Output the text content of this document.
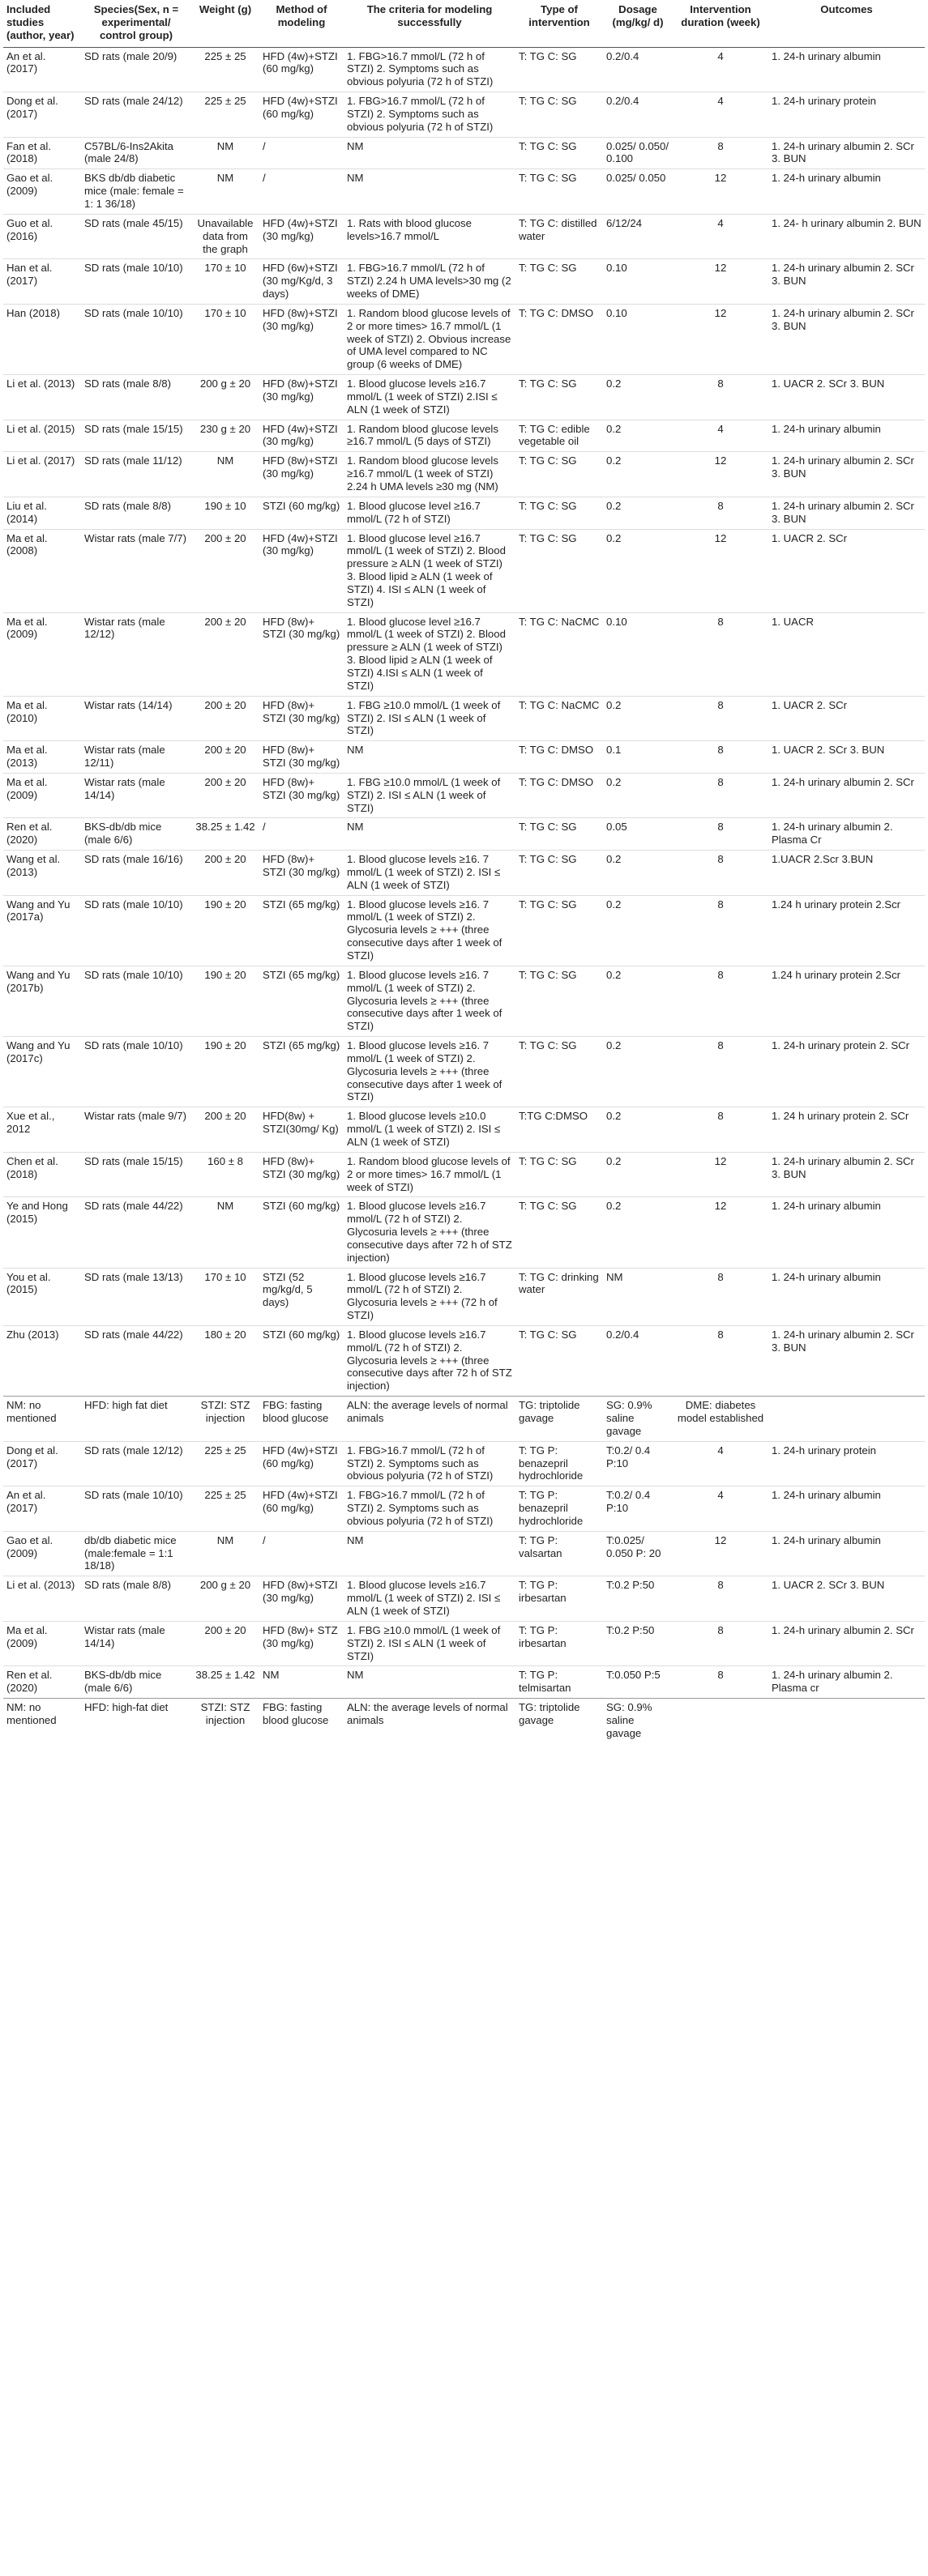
Included studies (author, year)	Species(Sex, n = experimental/ control group)	Weight (g)	Method of modeling	The criteria for modeling successfully	Type of intervention	Dosage (mg/kg/ d)	Intervention duration (week)	Outcomes
An et al. (2017)	SD rats (male 20/9)	225 ± 25	HFD (4w)+STZI (60 mg/kg)	1. FBG>16.7 mmol/L (72 h of STZI) 2. Symptoms such as obvious polyuria (72 h of STZI)	T: TG C: SG	0.2/0.4	4	1. 24-h urinary albumin
Dong et al. (2017)	SD rats (male 24/12)	225 ± 25	HFD (4w)+STZI (60 mg/kg)	1. FBG>16.7 mmol/L (72 h of STZI) 2. Symptoms such as obvious polyuria (72 h of STZI)	T: TG C: SG	0.2/0.4	4	1. 24-h urinary protein
Fan et al. (2018)	C57BL/6-Ins2Akita (male 24/8)	NM	/	NM	T: TG C: SG	0.025/ 0.050/ 0.100	8	1. 24-h urinary albumin 2. SCr 3. BUN
Gao et al. (2009)	BKS db/db diabetic mice (male: female = 1: 1 36/18)	NM	/	NM	T: TG C: SG	0.025/ 0.050	12	1. 24-h urinary albumin
Guo et al. (2016)	SD rats (male 45/15)	Unavailable data from the graph	HFD (4w)+STZI (30 mg/kg)	1. Rats with blood glucose levels>16.7 mmol/L	T: TG C: distilled water	6/12/24	4	1. 24- h urinary albumin 2. BUN
Han et al. (2017)	SD rats (male 10/10)	170 ± 10	HFD (6w)+STZI (30 mg/Kg/d, 3 days)	1. FBG>16.7 mmol/L (72 h of STZI) 2.24 h UMA levels>30 mg (2 weeks of DME)	T: TG C: SG	0.10	12	1. 24-h urinary albumin 2. SCr 3. BUN
Han (2018)	SD rats (male 10/10)	170 ± 10	HFD (8w)+STZI (30 mg/kg)	1. Random blood glucose levels of 2 or more times> 16.7 mmol/L (1 week of STZI) 2. Obvious increase of UMA level compared to NC group (6 weeks of DME)	T: TG C: DMSO	0.10	12	1. 24-h urinary albumin 2. SCr 3. BUN
Li et al. (2013)	SD rats (male 8/8)	200 g ± 20	HFD (8w)+STZI (30 mg/kg)	1. Blood glucose levels ≥16.7 mmol/L (1 week of STZI) 2.ISI ≤ ALN (1 week of STZI)	T: TG C: SG	0.2	8	1. UACR 2. SCr 3. BUN
Li et al. (2015)	SD rats (male 15/15)	230 g ± 20	HFD (4w)+STZI (30 mg/kg)	1. Random blood glucose levels ≥16.7 mmol/L (5 days of STZI)	T: TG C: edible vegetable oil	0.2	4	1. 24-h urinary albumin
Li et al. (2017)	SD rats (male 11/12)	NM	HFD (8w)+STZI (30 mg/kg)	1. Random blood glucose levels ≥16.7 mmol/L (1 week of STZI) 2.24 h UMA levels ≥30 mg (NM)	T: TG C: SG	0.2	12	1. 24-h urinary albumin 2. SCr 3. BUN
Liu et al. (2014)	SD rats (male 8/8)	190 ± 10	STZI (60 mg/kg)	1. Blood glucose level ≥16.7 mmol/L (72 h of STZI)	T: TG C: SG	0.2	8	1. 24-h urinary albumin 2. SCr 3. BUN
Ma et al. (2008)	Wistar rats (male 7/7)	200 ± 20	HFD (4w)+STZI (30 mg/kg)	1. Blood glucose level ≥16.7 mmol/L (1 week of STZI) 2. Blood pressure ≥ ALN (1 week of STZI) 3. Blood lipid ≥ ALN (1 week of STZI) 4. ISI ≤ ALN (1 week of STZI)	T: TG C: SG	0.2	12	1. UACR 2. SCr
Ma et al. (2009)	Wistar rats (male 12/12)	200 ± 20	HFD (8w)+ STZI (30 mg/kg)	1. Blood glucose level ≥16.7 mmol/L (1 week of STZI) 2. Blood pressure ≥ ALN (1 week of STZI) 3. Blood lipid ≥ ALN (1 week of STZI) 4.ISI ≤ ALN (1 week of STZI)	T: TG C: NaCMC	0.10	8	1. UACR
Ma et al. (2010)	Wistar rats (14/14)	200 ± 20	HFD (8w)+ STZI (30 mg/kg)	1. FBG ≥10.0 mmol/L (1 week of STZI) 2. ISI ≤ ALN (1 week of STZI)	T: TG C: NaCMC	0.2	8	1. UACR 2. SCr
Ma et al. (2013)	Wistar rats (male 12/11)	200 ± 20	HFD (8w)+ STZI (30 mg/kg)	NM	T: TG C: DMSO	0.1	8	1. UACR 2. SCr 3. BUN
Ma et al. (2009)	Wistar rats (male 14/14)	200 ± 20	HFD (8w)+ STZI (30 mg/kg)	1. FBG ≥10.0 mmol/L (1 week of STZI) 2. ISI ≤ ALN (1 week of STZI)	T: TG C: DMSO	0.2	8	1. 24-h urinary albumin 2. SCr
Ren et al. (2020)	BKS-db/db mice (male 6/6)	38.25 ± 1.42	/	NM	T: TG C: SG	0.05	8	1. 24-h urinary albumin 2. Plasma Cr
Wang et al. (2013)	SD rats (male 16/16)	200 ± 20	HFD (8w)+ STZI (30 mg/kg)	1. Blood glucose levels ≥16. 7 mmol/L (1 week of STZI) 2. ISI ≤ ALN (1 week of STZI)	T: TG C: SG	0.2	8	1.UACR 2.Scr 3.BUN
Wang and Yu (2017a)	SD rats (male 10/10)	190 ± 20	STZI (65 mg/kg)	1. Blood glucose levels ≥16. 7 mmol/L (1 week of STZI) 2. Glycosuria levels ≥ +++ (three consecutive days after 1 week of STZI)	T: TG C: SG	0.2	8	1.24 h urinary protein 2.Scr
Wang and Yu (2017b)	SD rats (male 10/10)	190 ± 20	STZI (65 mg/kg)	1. Blood glucose levels ≥16. 7 mmol/L (1 week of STZI) 2. Glycosuria levels ≥ +++ (three consecutive days after 1 week of STZI)	T: TG C: SG	0.2	8	1.24 h urinary protein 2.Scr
Wang and Yu (2017c)	SD rats (male 10/10)	190 ± 20	STZI (65 mg/kg)	1. Blood glucose levels ≥16. 7 mmol/L (1 week of STZI) 2. Glycosuria levels ≥ +++ (three consecutive days after 1 week of STZI)	T: TG C: SG	0.2	8	1. 24-h urinary protein 2. SCr
Xue et al., 2012	Wistar rats (male 9/7)	200 ± 20	HFD(8w) + STZI(30mg/ Kg)	1. Blood glucose levels ≥10.0 mmol/L (1 week of STZI) 2. ISI ≤ ALN (1 week of STZI)	T:TG C:DMSO	0.2	8	1. 24 h urinary protein 2. SCr
Chen et al. (2018)	SD rats (male 15/15)	160 ± 8	HFD (8w)+ STZI (30 mg/kg)	1. Random blood glucose levels of 2 or more times> 16.7 mmol/L (1 week of STZI)	T: TG C: SG	0.2	12	1. 24-h urinary albumin 2. SCr 3. BUN
Ye and Hong (2015)	SD rats (male 44/22)	NM	STZI (60 mg/kg)	1. Blood glucose levels ≥16.7 mmol/L (72 h of STZI) 2. Glycosuria levels ≥ +++ (three consecutive days after 72 h of STZ injection)	T: TG C: SG	0.2	12	1. 24-h urinary albumin
You et al. (2015)	SD rats (male 13/13)	170 ± 10	STZI (52 mg/kg/d, 5 days)	1. Blood glucose levels ≥16.7 mmol/L (72 h of STZI) 2. Glycosuria levels ≥ +++ (72 h of STZI)	T: TG C: drinking water	NM	8	1. 24-h urinary albumin
Zhu (2013)	SD rats (male 44/22)	180 ± 20	STZI (60 mg/kg)	1. Blood glucose levels ≥16.7 mmol/L (72 h of STZI) 2. Glycosuria levels ≥ +++ (three consecutive days after 72 h of STZ injection)	T: TG C: SG	0.2/0.4	8	1. 24-h urinary albumin 2. SCr 3. BUN
NM: no mentioned	HFD: high fat diet	STZI: STZ injection	FBG: fasting blood glucose	ALN: the average levels of normal animals	TG: triptolide gavage	SG: 0.9% saline gavage	DME: diabetes model established	
Dong et al. (2017)	SD rats (male 12/12)	225 ± 25	HFD (4w)+STZI (60 mg/kg)	1. FBG>16.7 mmol/L (72 h of STZI) 2. Symptoms such as obvious polyuria (72 h of STZI)	T: TG P: benazepril hydrochloride	T:0.2/ 0.4 P:10	4	1. 24-h urinary protein
An et al. (2017)	SD rats (male 10/10)	225 ± 25	HFD (4w)+STZI (60 mg/kg)	1. FBG>16.7 mmol/L (72 h of STZI) 2. Symptoms such as obvious polyuria (72 h of STZI)	T: TG P: benazepril hydrochloride	T:0.2/ 0.4 P:10	4	1. 24-h urinary albumin
Gao et al. (2009)	db/db diabetic mice (male:female = 1:1 18/18)	NM	/	NM	T: TG P: valsartan	T:0.025/ 0.050 P: 20	12	1. 24-h urinary albumin
Li et al. (2013)	SD rats (male 8/8)	200 g ± 20	HFD (8w)+STZI (30 mg/kg)	1. Blood glucose levels ≥16.7 mmol/L (1 week of STZI) 2. ISI ≤ ALN (1 week of STZI)	T: TG P: irbesartan	T:0.2 P:50	8	1. UACR 2. SCr 3. BUN
Ma et al. (2009)	Wistar rats (male 14/14)	200 ± 20	HFD (8w)+ STZ (30 mg/kg)	1. FBG ≥10.0 mmol/L (1 week of STZI) 2. ISI ≤ ALN (1 week of STZI)	T: TG P: irbesartan	T:0.2 P:50	8	1. 24-h urinary albumin 2. SCr
Ren et al. (2020)	BKS-db/db mice (male 6/6)	38.25 ± 1.42	NM	NM	T: TG P: telmisartan	T:0.050 P:5	8	1. 24-h urinary albumin 2. Plasma cr
NM: no mentioned	HFD: high-fat diet	STZI: STZ injection	FBG: fasting blood glucose	ALN: the average levels of normal animals	TG: triptolide gavage	SG: 0.9% saline gavage		
